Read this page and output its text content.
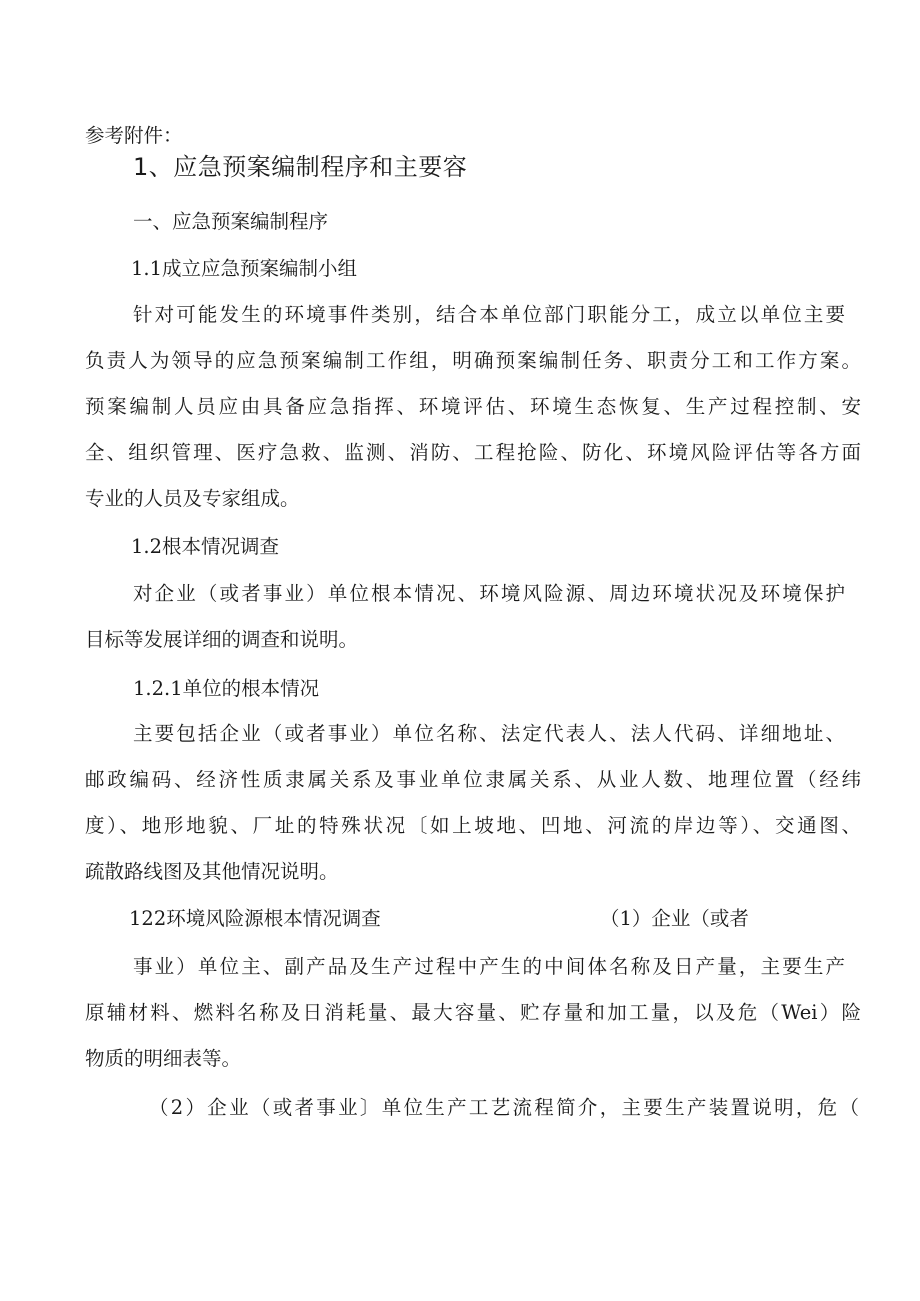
参考附件：
1、应急预案编制程序和主要容
一、应急预案编制程序
1.1成立应急预案编制小组
针对可能发生的环境事件类别，结合本单位部门职能分工，成立以单位主要
负责人为领导的应急预案编制工作组，明确预案编制任务、职责分工和工作方案。
预案编制人员应由具备应急指挥、环境评估、环境生态恢复、生产过程控制、安
全、组织管理、医疗急救、监测、消防、工程抢险、防化、环境风险评估等各方面
专业的人员及专家组成。
1.2根本情况调查
对企业（或者事业）单位根本情况、环境风险源、周边环境状况及环境保护
目标等发展详细的调查和说明。
1.2.1单位的根本情况
主要包括企业（或者事业）单位名称、法定代表人、法人代码、详细地址、
邮政编码、经济性质隶属关系及事业单位隶属关系、从业人数、地理位置（经纬
度）、地形地貌、厂址的特殊状况〔如上坡地、凹地、河流的岸边等）、交通图、
疏散路线图及其他情况说明。
122环境风险源根本情况调查	（1）企业（或者
事业）单位主、副产品及生产过程中产生的中间体名称及日产量，主要生产
原辅材料、燃料名称及日消耗量、最大容量、贮存量和加工量，以及危（Wei）险
物质的明细表等。
（2）企业（或者事业〕单位生产工艺流程简介，主要生产装置说明，危（
